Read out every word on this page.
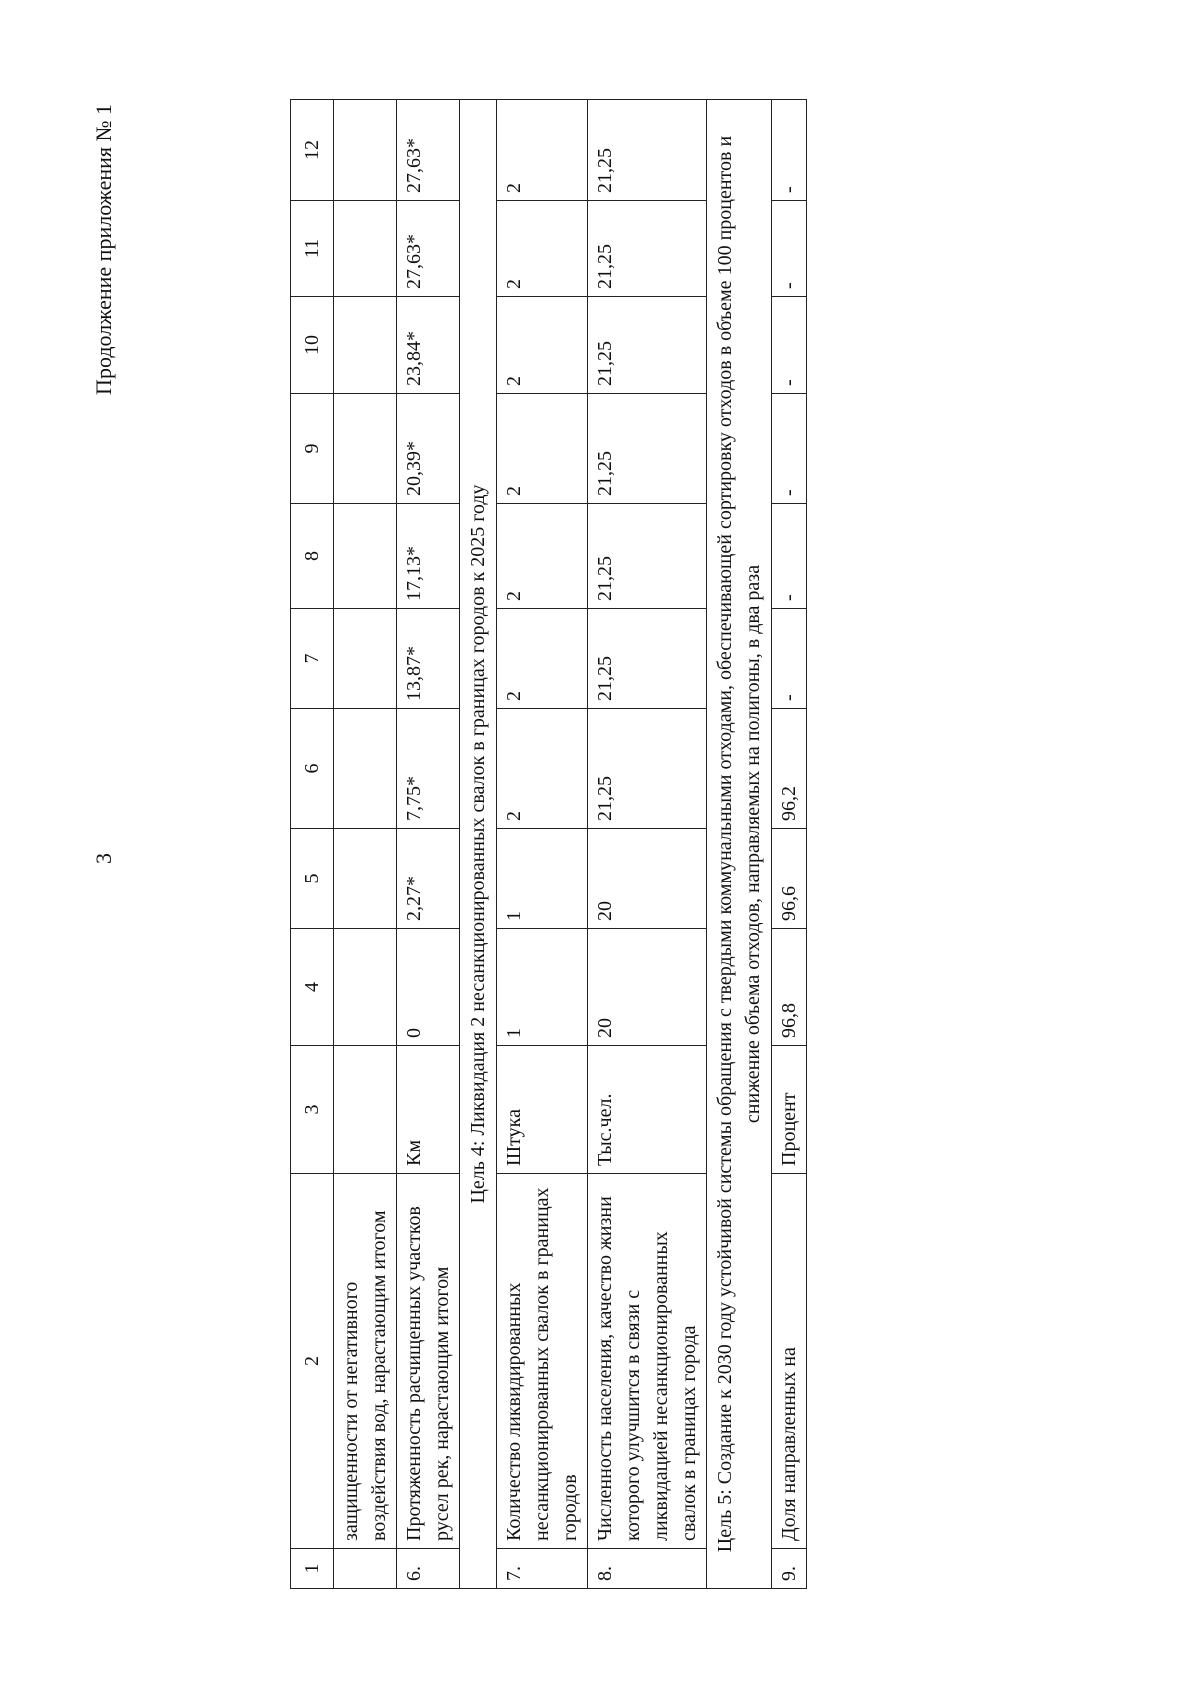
3
Продолжение приложения № 1
1	2	3	4	5	6	7	8	9	10	11	12
	защищенности от негативного воздействия вод, нарастающим итогом										
6.	Протяженность расчищенных участков русел рек, нарастающим итогом	Км	0	2,27*	7,75*	13,87*	17,13*	20,39*	23,84*	27,63*	27,63*
Цель 4: Ликвидация 2 несанкционированных свалок в границах городов к 2025 году											
7.	Количество ликвидированных несанкционированных свалок в границах городов	Штука	1	1	2	2	2	2	2	2	2
8.	Численность населения, качество жизни которого улучшится в связи с ликвидацией несанкционированных свалок в границах города	Тыс.чел.	20	20	21,25	21,25	21,25	21,25	21,25	21,25	21,25
Цель 5: Создание к 2030 году устойчивой системы обращения с твердыми коммунальными отходами, обеспечивающей сортировку отходов в объеме 100 процентов и снижение объема отходов, направляемых на полигоны, в два раза											
9.	Доля направленных на	Процент	96,8	96,6	96,2	-	-	-	-	-	-
